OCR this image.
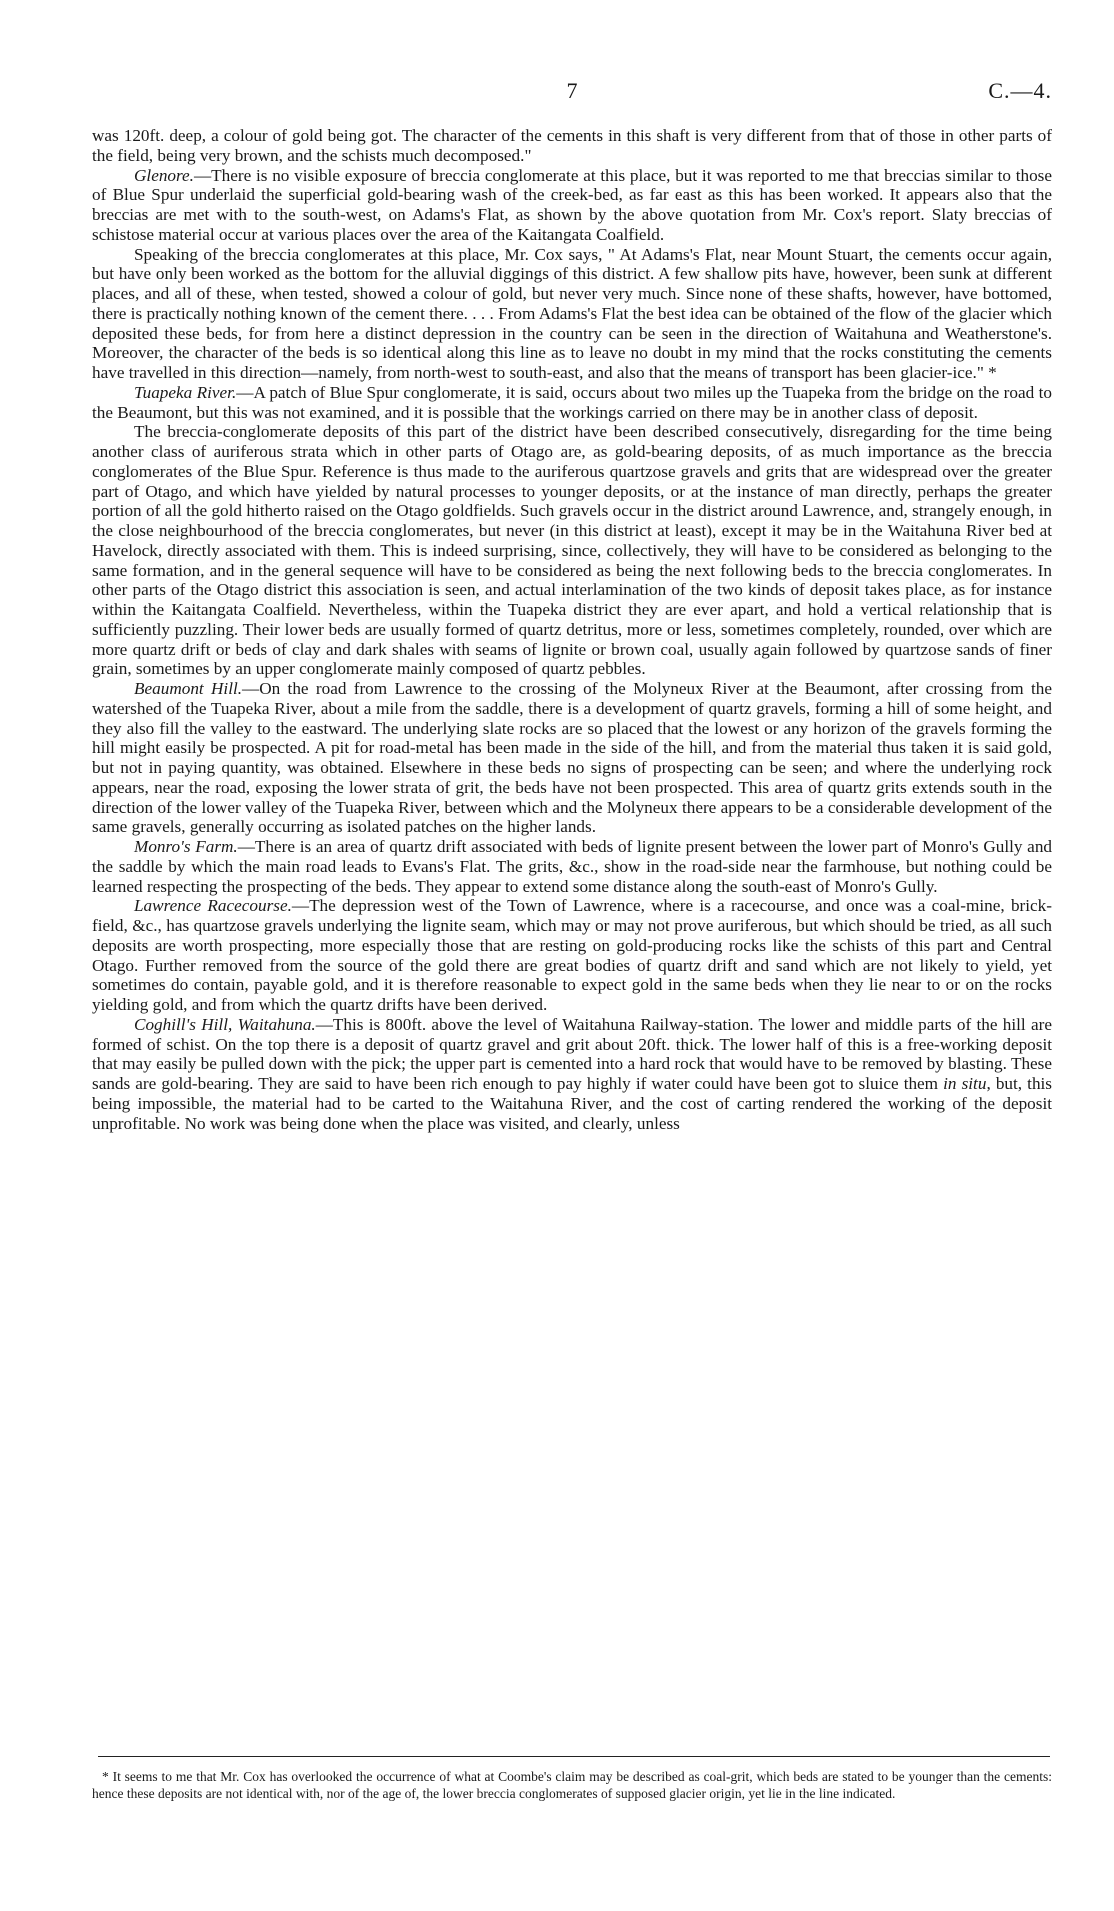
7	C.—4.

was 120ft. deep, a colour of gold being got. The character of the cements in this shaft is very different from that of those in other parts of the field, being very brown, and the schists much decomposed."

Glenore.—There is no visible exposure of breccia conglomerate at this place, but it was reported to me that breccias similar to those of Blue Spur underlaid the superficial gold-bearing wash of the creek-bed, as far east as this has been worked. It appears also that the breccias are met with to the south-west, on Adams's Flat, as shown by the above quotation from Mr. Cox's report. Slaty breccias of schistose material occur at various places over the area of the Kaitangata Coalfield.

Speaking of the breccia conglomerates at this place, Mr. Cox says, " At Adams's Flat, near Mount Stuart, the cements occur again, but have only been worked as the bottom for the alluvial diggings of this district. A few shallow pits have, however, been sunk at different places, and all of these, when tested, showed a colour of gold, but never very much. Since none of these shafts, however, have bottomed, there is practically nothing known of the cement there. . . . From Adams's Flat the best idea can be obtained of the flow of the glacier which deposited these beds, for from here a distinct depression in the country can be seen in the direction of Waitahuna and Weatherstone's. Moreover, the character of the beds is so identical along this line as to leave no doubt in my mind that the rocks constituting the cements have travelled in this direction—namely, from north-west to south-east, and also that the means of transport has been glacier-ice." *

Tuapeka River.—A patch of Blue Spur conglomerate, it is said, occurs about two miles up the Tuapeka from the bridge on the road to the Beaumont, but this was not examined, and it is possible that the workings carried on there may be in another class of deposit.

The breccia-conglomerate deposits of this part of the district have been described consecutively, disregarding for the time being another class of auriferous strata which in other parts of Otago are, as gold-bearing deposits, of as much importance as the breccia conglomerates of the Blue Spur. Reference is thus made to the auriferous quartzose gravels and grits that are widespread over the greater part of Otago, and which have yielded by natural processes to younger deposits, or at the instance of man directly, perhaps the greater portion of all the gold hitherto raised on the Otago goldfields. Such gravels occur in the district around Lawrence, and, strangely enough, in the close neighbourhood of the breccia conglomerates, but never (in this district at least), except it may be in the Waitahuna River bed at Havelock, directly associated with them. This is indeed surprising, since, collectively, they will have to be considered as belonging to the same formation, and in the general sequence will have to be considered as being the next following beds to the breccia conglomerates. In other parts of the Otago district this association is seen, and actual interlamination of the two kinds of deposit takes place, as for instance within the Kaitangata Coalfield. Nevertheless, within the Tuapeka district they are ever apart, and hold a vertical relationship that is sufficiently puzzling. Their lower beds are usually formed of quartz detritus, more or less, sometimes completely, rounded, over which are more quartz drift or beds of clay and dark shales with seams of lignite or brown coal, usually again followed by quartzose sands of finer grain, sometimes by an upper conglomerate mainly composed of quartz pebbles.

Beaumont Hill.—On the road from Lawrence to the crossing of the Molyneux River at the Beaumont, after crossing from the watershed of the Tuapeka River, about a mile from the saddle, there is a development of quartz gravels, forming a hill of some height, and they also fill the valley to the eastward. The underlying slate rocks are so placed that the lowest or any horizon of the gravels forming the hill might easily be prospected. A pit for road-metal has been made in the side of the hill, and from the material thus taken it is said gold, but not in paying quantity, was obtained. Elsewhere in these beds no signs of prospecting can be seen; and where the underlying rock appears, near the road, exposing the lower strata of grit, the beds have not been prospected. This area of quartz grits extends south in the direction of the lower valley of the Tuapeka River, between which and the Molyneux there appears to be a considerable development of the same gravels, generally occurring as isolated patches on the higher lands.

Monro's Farm.—There is an area of quartz drift associated with beds of lignite present between the lower part of Monro's Gully and the saddle by which the main road leads to Evans's Flat. The grits, &c., show in the road-side near the farmhouse, but nothing could be learned respecting the prospecting of the beds. They appear to extend some distance along the south-east of Monro's Gully.

Lawrence Racecourse.—The depression west of the Town of Lawrence, where is a racecourse, and once was a coal-mine, brick-field, &c., has quartzose gravels underlying the lignite seam, which may or may not prove auriferous, but which should be tried, as all such deposits are worth prospecting, more especially those that are resting on gold-producing rocks like the schists of this part and Central Otago. Further removed from the source of the gold there are great bodies of quartz drift and sand which are not likely to yield, yet sometimes do contain, payable gold, and it is therefore reasonable to expect gold in the same beds when they lie near to or on the rocks yielding gold, and from which the quartz drifts have been derived.

Coghill's Hill, Waitahuna.—This is 800ft. above the level of Waitahuna Railway-station. The lower and middle parts of the hill are formed of schist. On the top there is a deposit of quartz gravel and grit about 20ft. thick. The lower half of this is a free-working deposit that may easily be pulled down with the pick; the upper part is cemented into a hard rock that would have to be removed by blasting. These sands are gold-bearing. They are said to have been rich enough to pay highly if water could have been got to sluice them in situ, but, this being impossible, the material had to be carted to the Waitahuna River, and the cost of carting rendered the working of the deposit unprofitable. No work was being done when the place was visited, and clearly, unless

* It seems to me that Mr. Cox has overlooked the occurrence of what at Coombe's claim may be described as coal-grit, which beds are stated to be younger than the cements: hence these deposits are not identical with, nor of the age of, the lower breccia conglomerates of supposed glacier origin, yet lie in the line indicated.
